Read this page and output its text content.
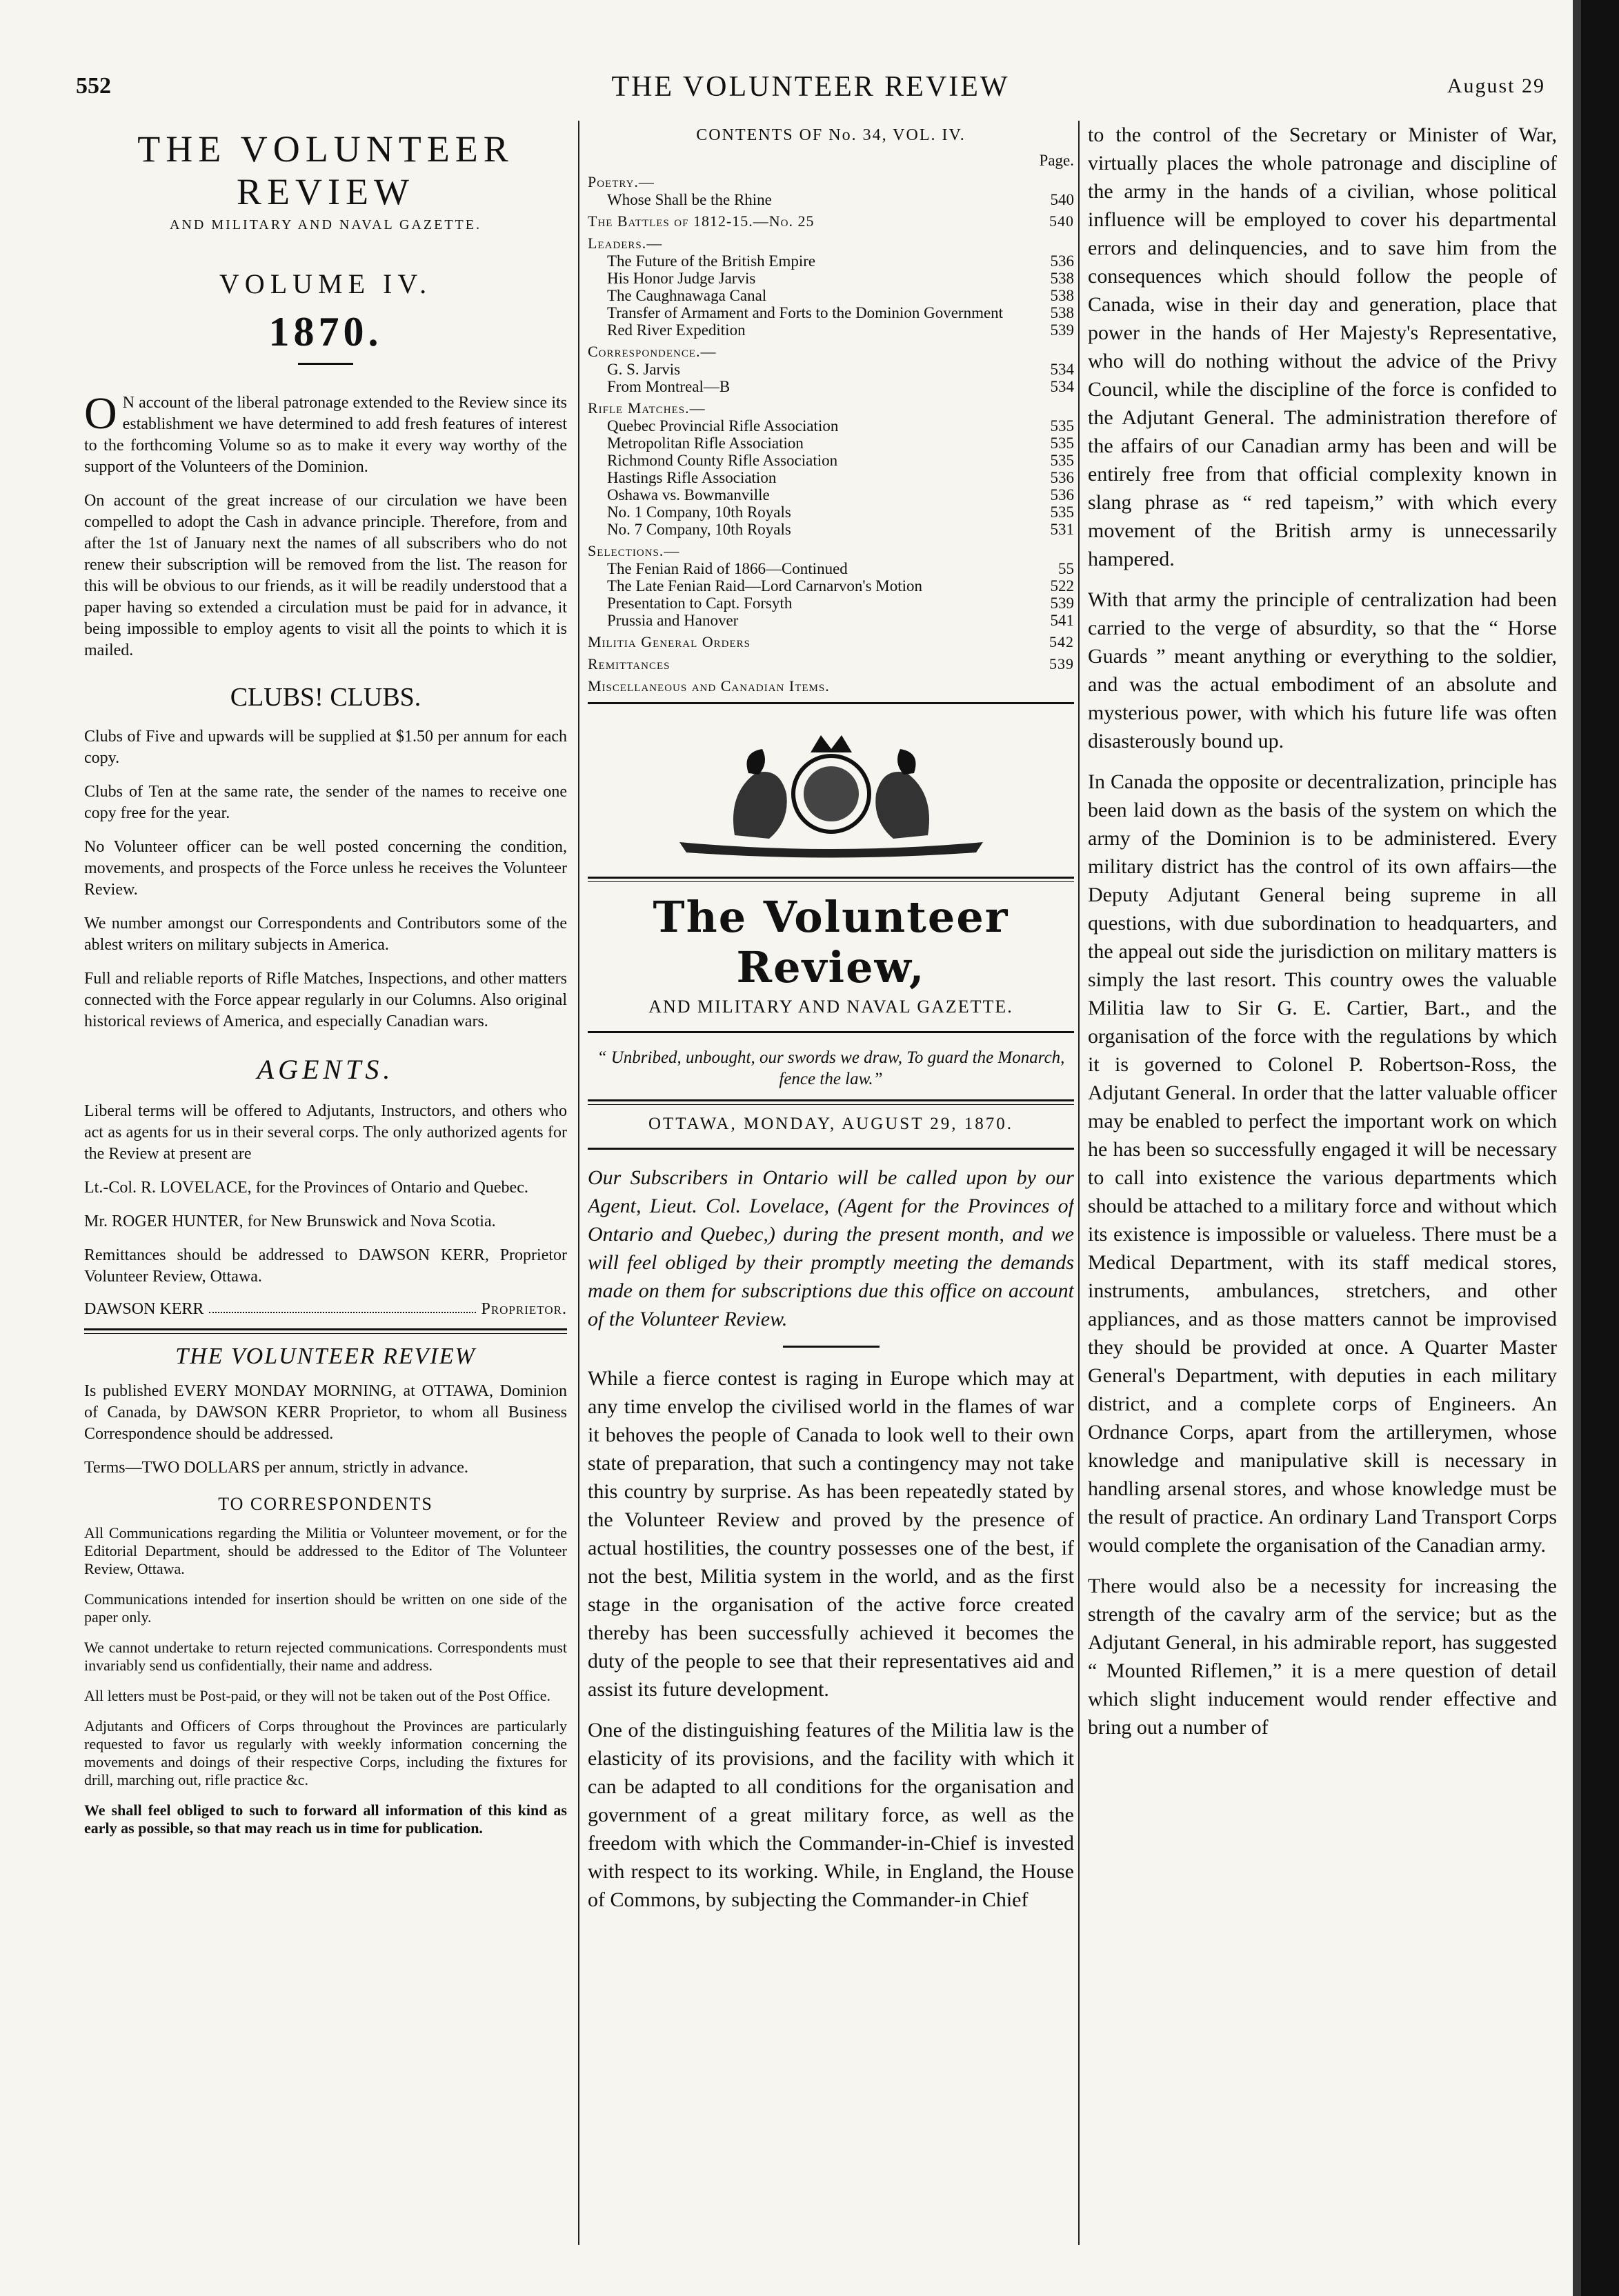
552	THE VOLUNTEER REVIEW	August 29
THE VOLUNTEER REVIEW
AND MILITARY AND NAVAL GAZETTE.
VOLUME IV.
1870.

O N account of the liberal patronage extended to the Review since its establishment we have determined to add fresh features of interest to the forthcoming Volume so as to make it every way worthy of the support of the Volunteers of the Dominion.

On account of the great increase of our circulation we have been compelled to adopt the Cash in advance principle. Therefore, from and after the 1st of January next the names of all subscribers who do not renew their subscription will be removed from the list. The reason for this will be obvious to our friends, as it will be readily understood that a paper having so extended a circulation must be paid for in advance, it being impossible to employ agents to visit all the points to which it is mailed.

CLUBS! CLUBS.

Clubs of Five and upwards will be supplied at $1.50 per annum for each copy.

Clubs of Ten at the same rate, the sender of the names to receive one copy free for the year.

No Volunteer officer can be well posted concerning the condition, movements, and prospects of the Force unless he receives the Volunteer Review.

We number amongst our Correspondents and Contributors some of the ablest writers on military subjects in America.

Full and reliable reports of Rifle Matches, Inspections, and other matters connected with the Force appear regularly in our Columns. Also original historical reviews of America, and especially Canadian wars.

AGENTS.

Liberal terms will be offered to Adjutants, Instructors, and others who act as agents for us in their several corps. The only authorized agents for the Review at present are

Lt.-Col. R. LOVELACE, for the Provinces of Ontario and Quebec.

Mr. ROGER HUNTER, for New Brunswick and Nova Scotia.

Remittances should be addressed to DAWSON KERR, Proprietor Volunteer Review, Ottawa.

DAWSON KERR	Proprietor.
THE VOLUNTEER REVIEW

Is published EVERY MONDAY MORNING, at OTTAWA, Dominion of Canada, by DAWSON KERR Proprietor, to whom all Business Correspondence should be addressed.

Terms—TWO DOLLARS per annum, strictly in advance.

TO CORRESPONDENTS

All Communications regarding the Militia or Volunteer movement, or for the Editorial Department, should be addressed to the Editor of The Volunteer Review, Ottawa.

Communications intended for insertion should be written on one side of the paper only.

We cannot undertake to return rejected communications. Correspondents must invariably send us confidentially, their name and address.

All letters must be Post-paid, or they will not be taken out of the Post Office.

Adjutants and Officers of Corps throughout the Provinces are particularly requested to favor us regularly with weekly information concerning the movements and doings of their respective Corps, including the fixtures for drill, marching out, rifle practice &c.

We shall feel obliged to such to forward all information of this kind as early as possible, so that may reach us in time for publication.

CONTENTS OF No. 34, VOL. IV.
Page.
Poetry.—
Whose Shall be the Rhine	540
The Battles of 1812-15.—No. 25	540
Leaders.—
The Future of the British Empire	536
His Honor Judge Jarvis	538
The Caughnawaga Canal	538
Transfer of Armament and Forts to the Dominion Government	538
Red River Expedition	539
Correspondence.—
G. S. Jarvis	534
From Montreal—B	534
Rifle Matches.—
Quebec Provincial Rifle Association	535
Metropolitan Rifle Association	535
Richmond County Rifle Association	535
Hastings Rifle Association	536
Oshawa vs. Bowmanville	536
No. 1 Company, 10th Royals	535
No. 7 Company, 10th Royals	531
Selections.—
The Fenian Raid of 1866—Continued	55
The Late Fenian Raid—Lord Carnarvon's Motion	522
Presentation to Capt. Forsyth	539
Prussia and Hanover	541
Militia General Orders	542
Remittances	539
Miscellaneous and Canadian Items.
The Volunteer Review,
AND MILITARY AND NAVAL GAZETTE.
“ Unbribed, unbought, our swords we draw, To guard the Monarch, fence the law.”
OTTAWA, MONDAY, AUGUST 29, 1870.

Our Subscribers in Ontario will be called upon by our Agent, Lieut. Col. Lovelace, (Agent for the Provinces of Ontario and Quebec,) during the present month, and we will feel obliged by their promptly meeting the demands made on them for subscriptions due this office on account of the Volunteer Review.

While a fierce contest is raging in Europe which may at any time envelop the civilised world in the flames of war it behoves the people of Canada to look well to their own state of preparation, that such a contingency may not take this country by surprise. As has been repeatedly stated by the Volunteer Review and proved by the presence of actual hostilities, the country possesses one of the best, if not the best, Militia system in the world, and as the first stage in the organisation of the active force created thereby has been successfully achieved it becomes the duty of the people to see that their representatives aid and assist its future development.

One of the distinguishing features of the Militia law is the elasticity of its provisions, and the facility with which it can be adapted to all conditions for the organisation and government of a great military force, as well as the freedom with which the Commander-in-Chief is invested with respect to its working. While, in England, the House of Commons, by subjecting the Commander-in Chief

to the control of the Secretary or Minister of War, virtually places the whole patronage and discipline of the army in the hands of a civilian, whose political influence will be employed to cover his departmental errors and delinquencies, and to save him from the consequences which should follow the people of Canada, wise in their day and generation, place that power in the hands of Her Majesty's Representative, who will do nothing without the advice of the Privy Council, while the discipline of the force is confided to the Adjutant General. The administration therefore of the affairs of our Canadian army has been and will be entirely free from that official complexity known in slang phrase as “ red tapeism,” with which every movement of the British army is unnecessarily hampered.

With that army the principle of centralization had been carried to the verge of absurdity, so that the “ Horse Guards ” meant anything or everything to the soldier, and was the actual embodiment of an absolute and mysterious power, with which his future life was often disasterously bound up.

In Canada the opposite or decentralization, principle has been laid down as the basis of the system on which the army of the Dominion is to be administered. Every military district has the control of its own affairs—the Deputy Adjutant General being supreme in all questions, with due subordination to headquarters, and the appeal out side the jurisdiction on military matters is simply the last resort. This country owes the valuable Militia law to Sir G. E. Cartier, Bart., and the organisation of the force with the regulations by which it is governed to Colonel P. Robertson-Ross, the Adjutant General. In order that the latter valuable officer may be enabled to perfect the important work on which he has been so successfully engaged it will be necessary to call into existence the various departments which should be attached to a military force and without which its existence is impossible or valueless. There must be a Medical Department, with its staff medical stores, instruments, ambulances, stretchers, and other appliances, and as those matters cannot be improvised they should be provided at once. A Quarter Master General's Department, with deputies in each military district, and a complete corps of Engineers. An Ordnance Corps, apart from the artillerymen, whose knowledge and manipulative skill is necessary in handling arsenal stores, and whose knowledge must be the result of practice. An ordinary Land Transport Corps would complete the organisation of the Canadian army.

There would also be a necessity for increasing the strength of the cavalry arm of the service; but as the Adjutant General, in his admirable report, has suggested “ Mounted Riflemen,” it is a mere question of detail which slight inducement would render effective and bring out a number of
